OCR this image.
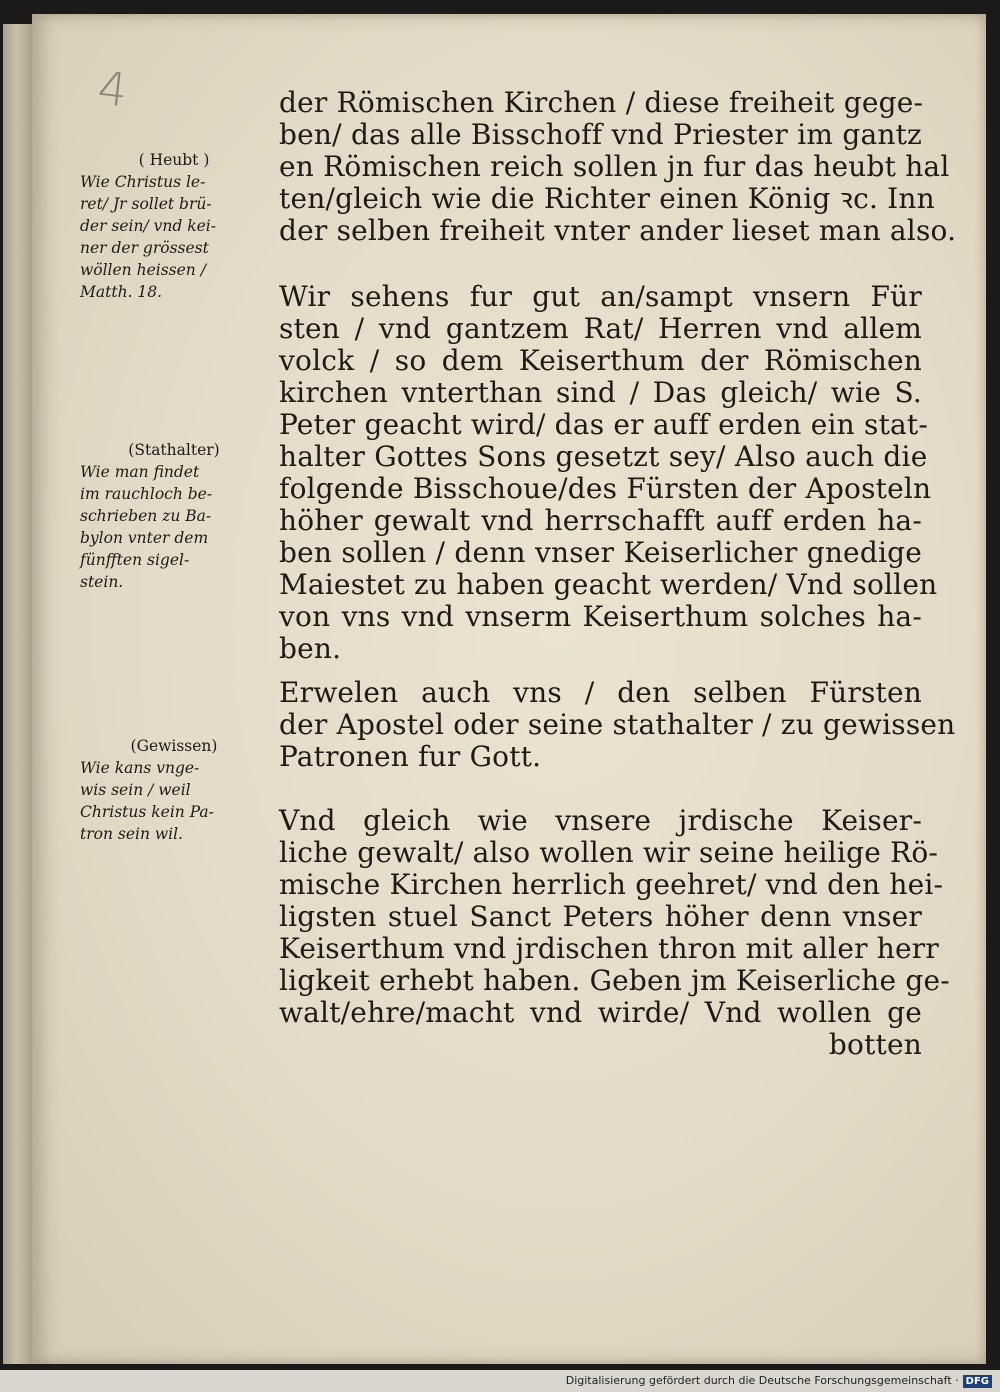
4	der Römischen Kirchen / diese freiheit gege-
ben/ das alle Bisschoff vnd Priester im gantz
en Römischen reich sollen jn fur das heubt hal
ten/gleich wie die Richter einen König ꝛc. Inn
der selben freiheit vnter ander lieset man also.
Wir sehens fur gut an/sampt vnsern Für
sten / vnd gantzem Rat/ Herren vnd allem
volck / so dem Keiserthum der Römischen
kirchen vnterthan sind / Das gleich/ wie S.
Peter geacht wird/ das er auff erden ein stat-
halter Gottes Sons gesetzt sey/ Also auch die
folgende Bisschoue/des Fürsten der Aposteln
höher gewalt vnd herrschafft auff erden ha-
ben sollen / denn vnser Keiserlicher gnedige
Maiestet zu haben geacht werden/ Vnd sollen
von vns vnd vnserm Keiserthum solches ha-
ben.
Erwelen auch vns / den selben Fürsten
der Apostel oder seine stathalter / zu gewissen
Patronen fur Gott.
Vnd gleich wie vnsere jrdische Keiser-
liche gewalt/ also wollen wir seine heilige Rö-
mische Kirchen herrlich geehret/ vnd den hei-
ligsten stuel Sanct Peters höher denn vnser
Keiserthum vnd jrdischen thron mit aller herr
ligkeit erhebt haben. Geben jm Keiserliche ge-
walt/ehre/macht vnd wirde/ Vnd wollen ge
botten
( Heubt )
Wie Christus le-
ret/ Jr sollet brü-
der sein/ vnd kei-
ner der grössest
wöllen heissen /
Matth. 18.
(Stathalter)
Wie man findet
im rauchloch be-
schrieben zu Ba-
bylon vnter dem
fünfften sigel-
stein.
(Gewissen)
Wie kans vnge-
wis sein / weil
Christus kein Pa-
tron sein wil.
Digitalisierung gefördert durch die Deutsche Forschungsgemeinschaft · DFG
